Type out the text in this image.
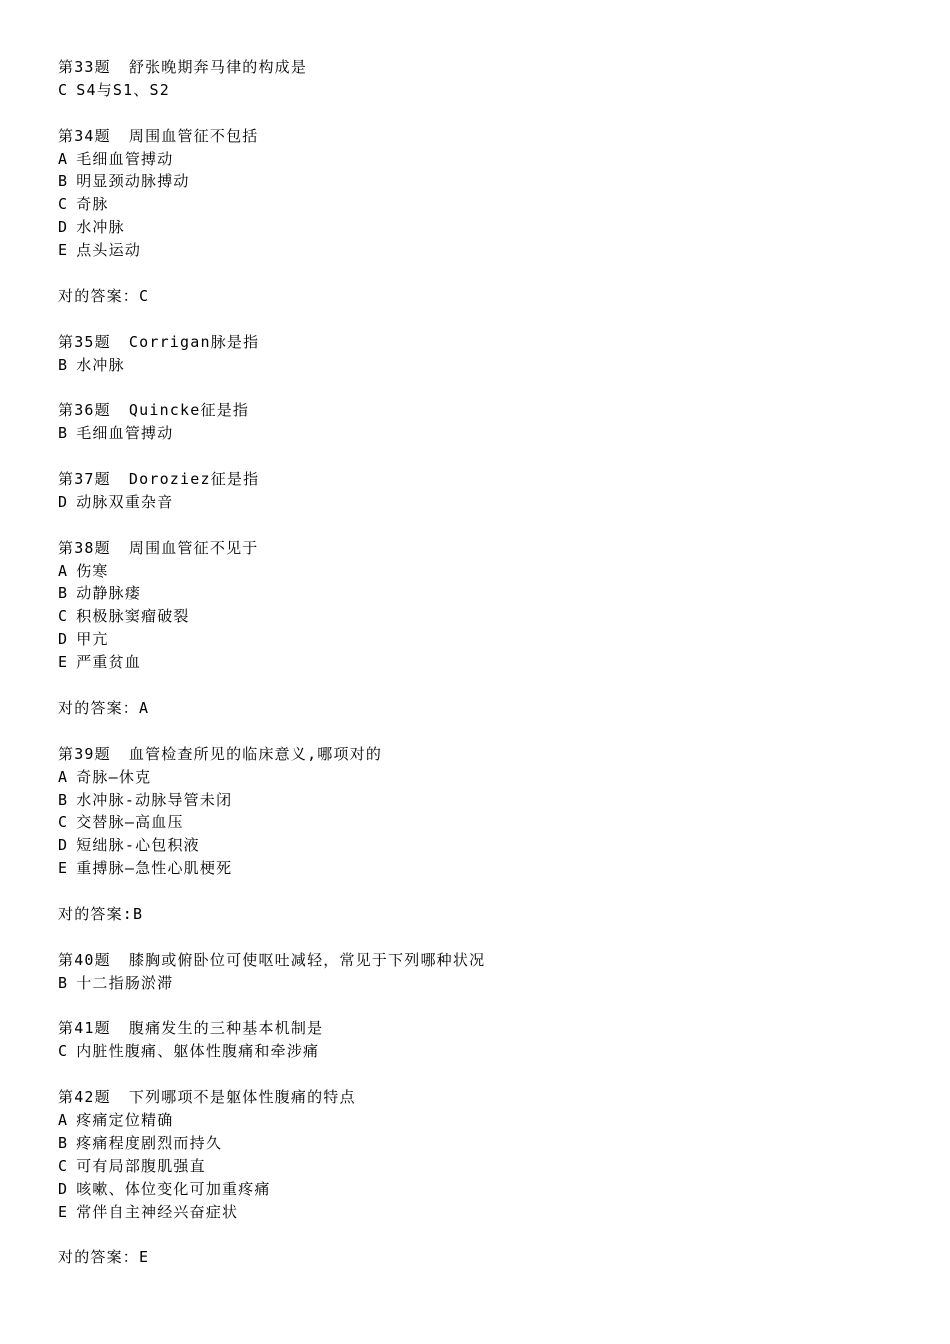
第33题 舒张晚期奔马律的构成是
C S4与S1、S2
第34题 周围血管征不包括
A 毛细血管搏动
B 明显颈动脉搏动
C 奇脉
D 水冲脉
E 点头运动
对的答案：C
第35题 Corrigan脉是指
B 水冲脉
第36题 Quincke征是指
B 毛细血管搏动
第37题 Doroziez征是指
D 动脉双重杂音
第38题 周围血管征不见于
A 伤寒
B 动静脉瘘
C 积极脉窦瘤破裂
D 甲亢
E 严重贫血
对的答案：A
第39题 血管检查所见的临床意义,哪项对的
A 奇脉—休克
B 水冲脉-动脉导管未闭
C 交替脉—高血压
D 短绌脉-心包积液
E 重搏脉—急性心肌梗死
对的答案:B
第40题 膝胸或俯卧位可使呕吐减轻，常见于下列哪种状况
B 十二指肠淤滞
第41题 腹痛发生的三种基本机制是
C 内脏性腹痛、躯体性腹痛和牵涉痛
第42题 下列哪项不是躯体性腹痛的特点
A 疼痛定位精确
B 疼痛程度剧烈而持久
C 可有局部腹肌强直
D 咳嗽、体位变化可加重疼痛
E 常伴自主神经兴奋症状
对的答案：E
